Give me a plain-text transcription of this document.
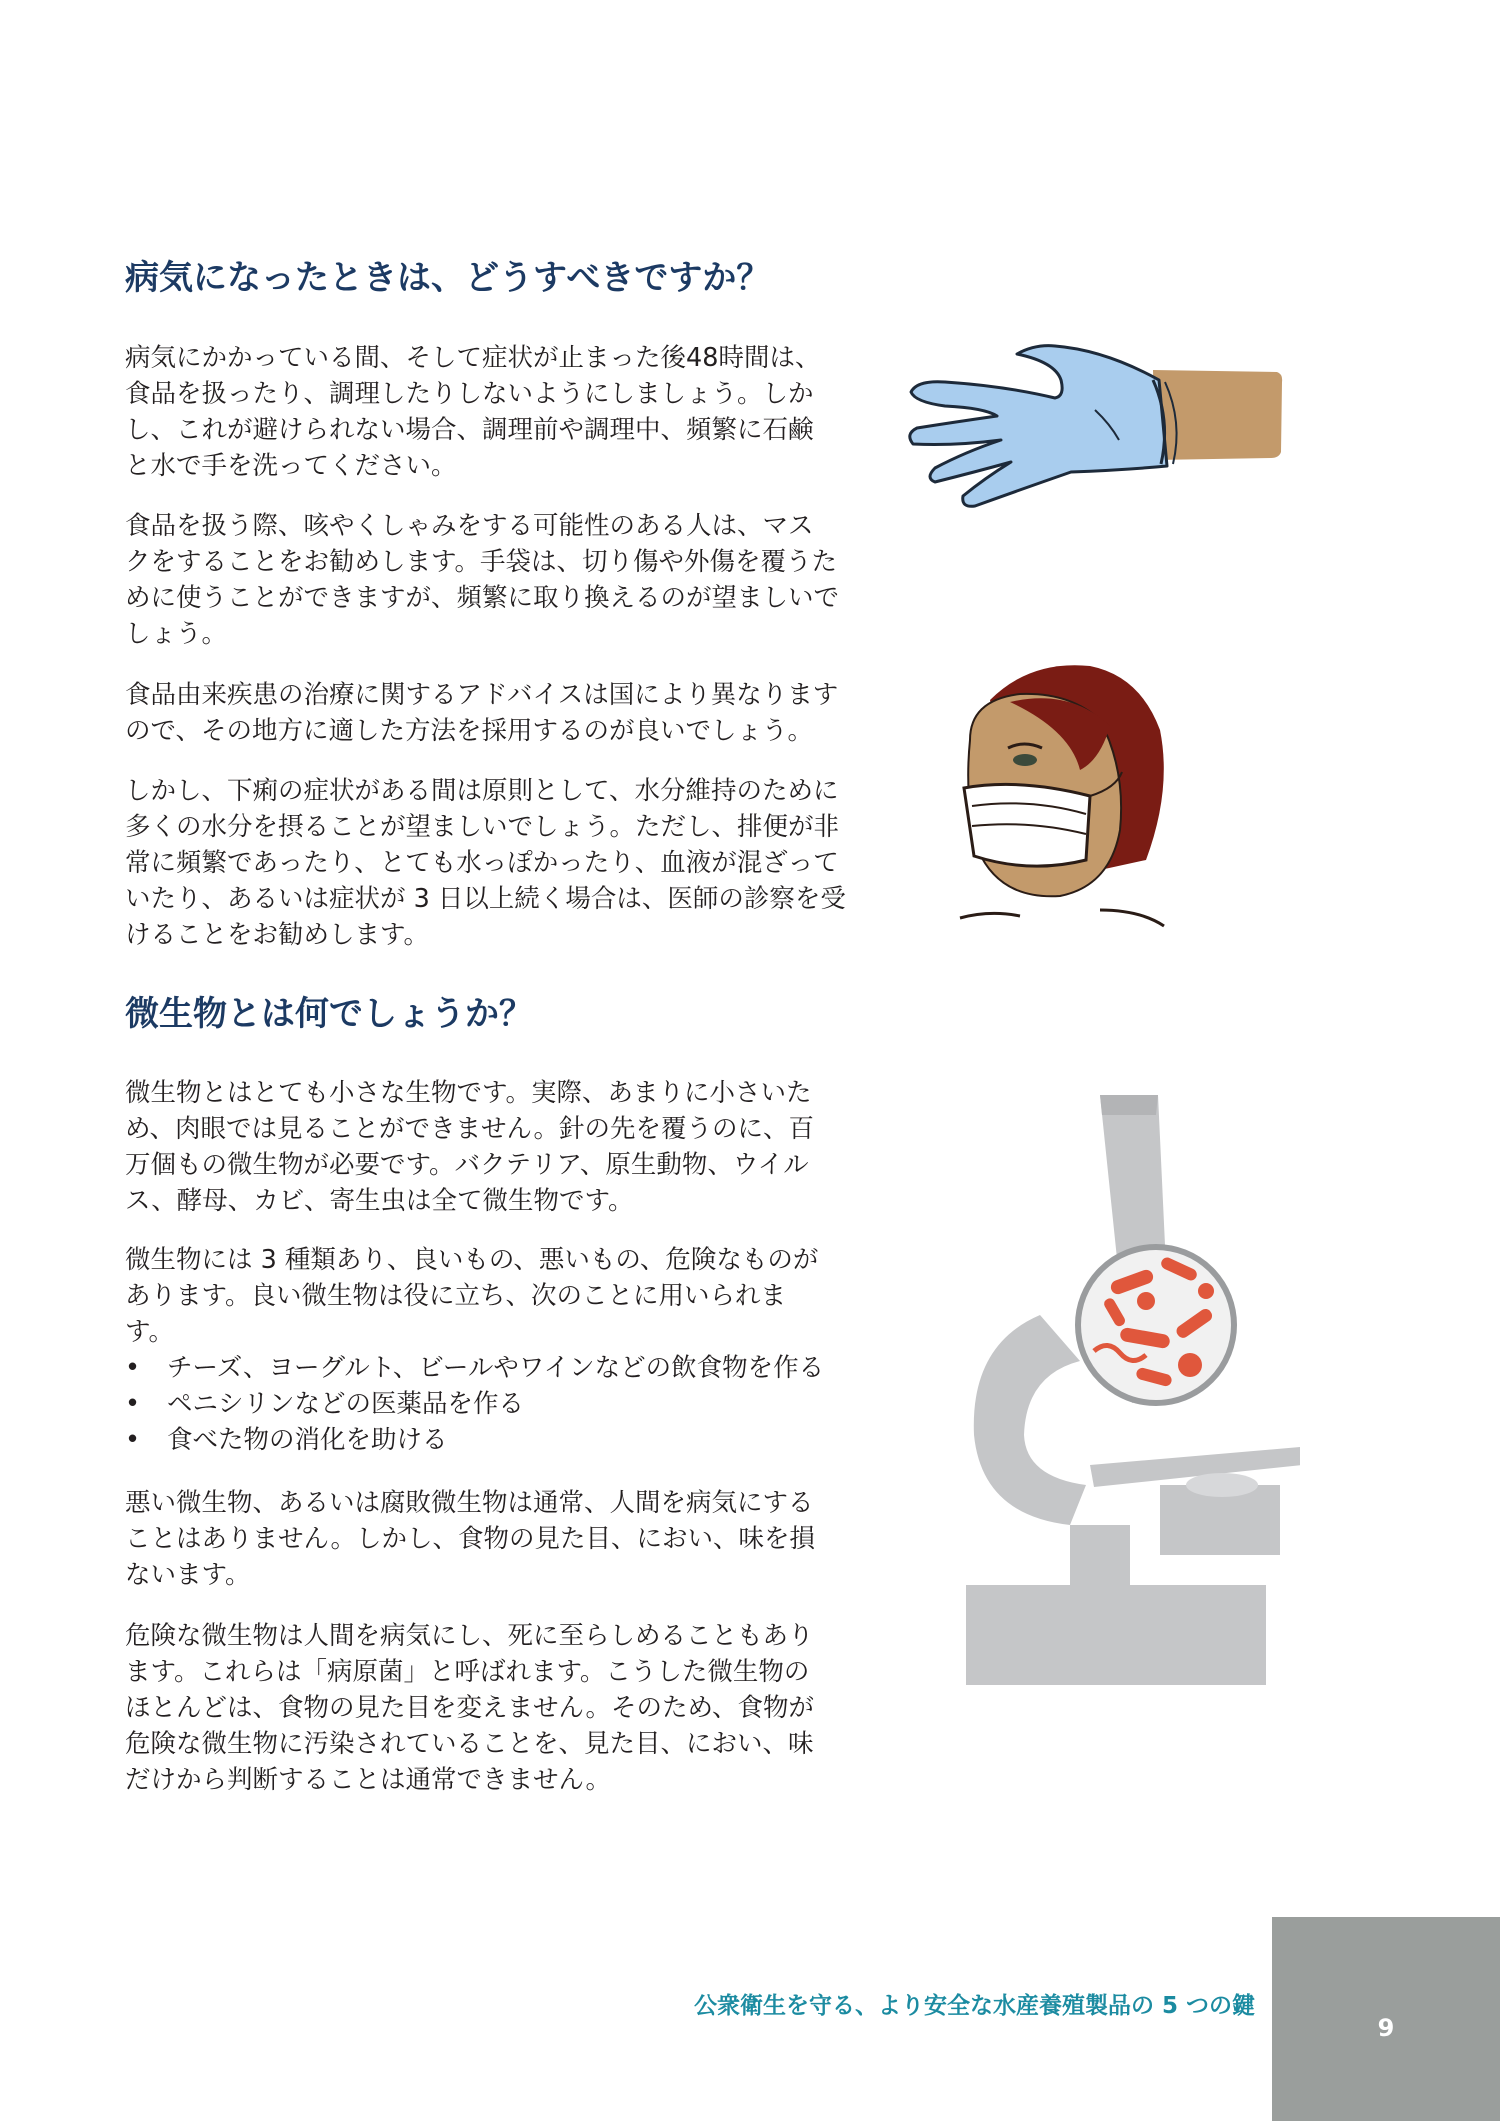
病気になったときは、どうすべきですか？

病気にかかっている間、そして症状が止まった後48時間は、
食品を扱ったり、調理したりしないようにしましょう。しか
し、これが避けられない場合、調理前や調理中、頻繁に石鹸
と水で手を洗ってください。

食品を扱う際、咳やくしゃみをする可能性のある人は、マス
クをすることをお勧めします。手袋は、切り傷や外傷を覆うた
めに使うことができますが、頻繁に取り換えるのが望ましいで
しょう。

食品由来疾患の治療に関するアドバイスは国により異なります
ので、その地方に適した方法を採用するのが良いでしょう。

しかし、下痢の症状がある間は原則として、水分維持のために
多くの水分を摂ることが望ましいでしょう。ただし、排便が非
常に頻繁であったり、とても水っぽかったり、血液が混ざって
いたり、あるいは症状が 3 日以上続く場合は、医師の診察を受
けることをお勧めします。

微生物とは何でしょうか？

微生物とはとても小さな生物です。実際、あまりに小さいた
め、肉眼では見ることができません。針の先を覆うのに、百
万個もの微生物が必要です。バクテリア、原生動物、ウイル
ス、酵母、カビ、寄生虫は全て微生物です。

微生物には 3 種類あり、良いもの、悪いもの、危険なものが
あります。良い微生物は役に立ち、次のことに用いられま
す。

• チーズ、ヨーグルト、ビールやワインなどの飲食物を作る
• ペニシリンなどの医薬品を作る
• 食べた物の消化を助ける

悪い微生物、あるいは腐敗微生物は通常、人間を病気にする
ことはありません。しかし、食物の見た目、におい、味を損
ないます。

危険な微生物は人間を病気にし、死に至らしめることもあり
ます。これらは「病原菌」と呼ばれます。こうした微生物の
ほとんどは、食物の見た目を変えません。そのため、食物が
危険な微生物に汚染されていることを、見た目、におい、味
だけから判断することは通常できません。

公衆衛生を守る、より安全な水産養殖製品の 5 つの鍵
9
